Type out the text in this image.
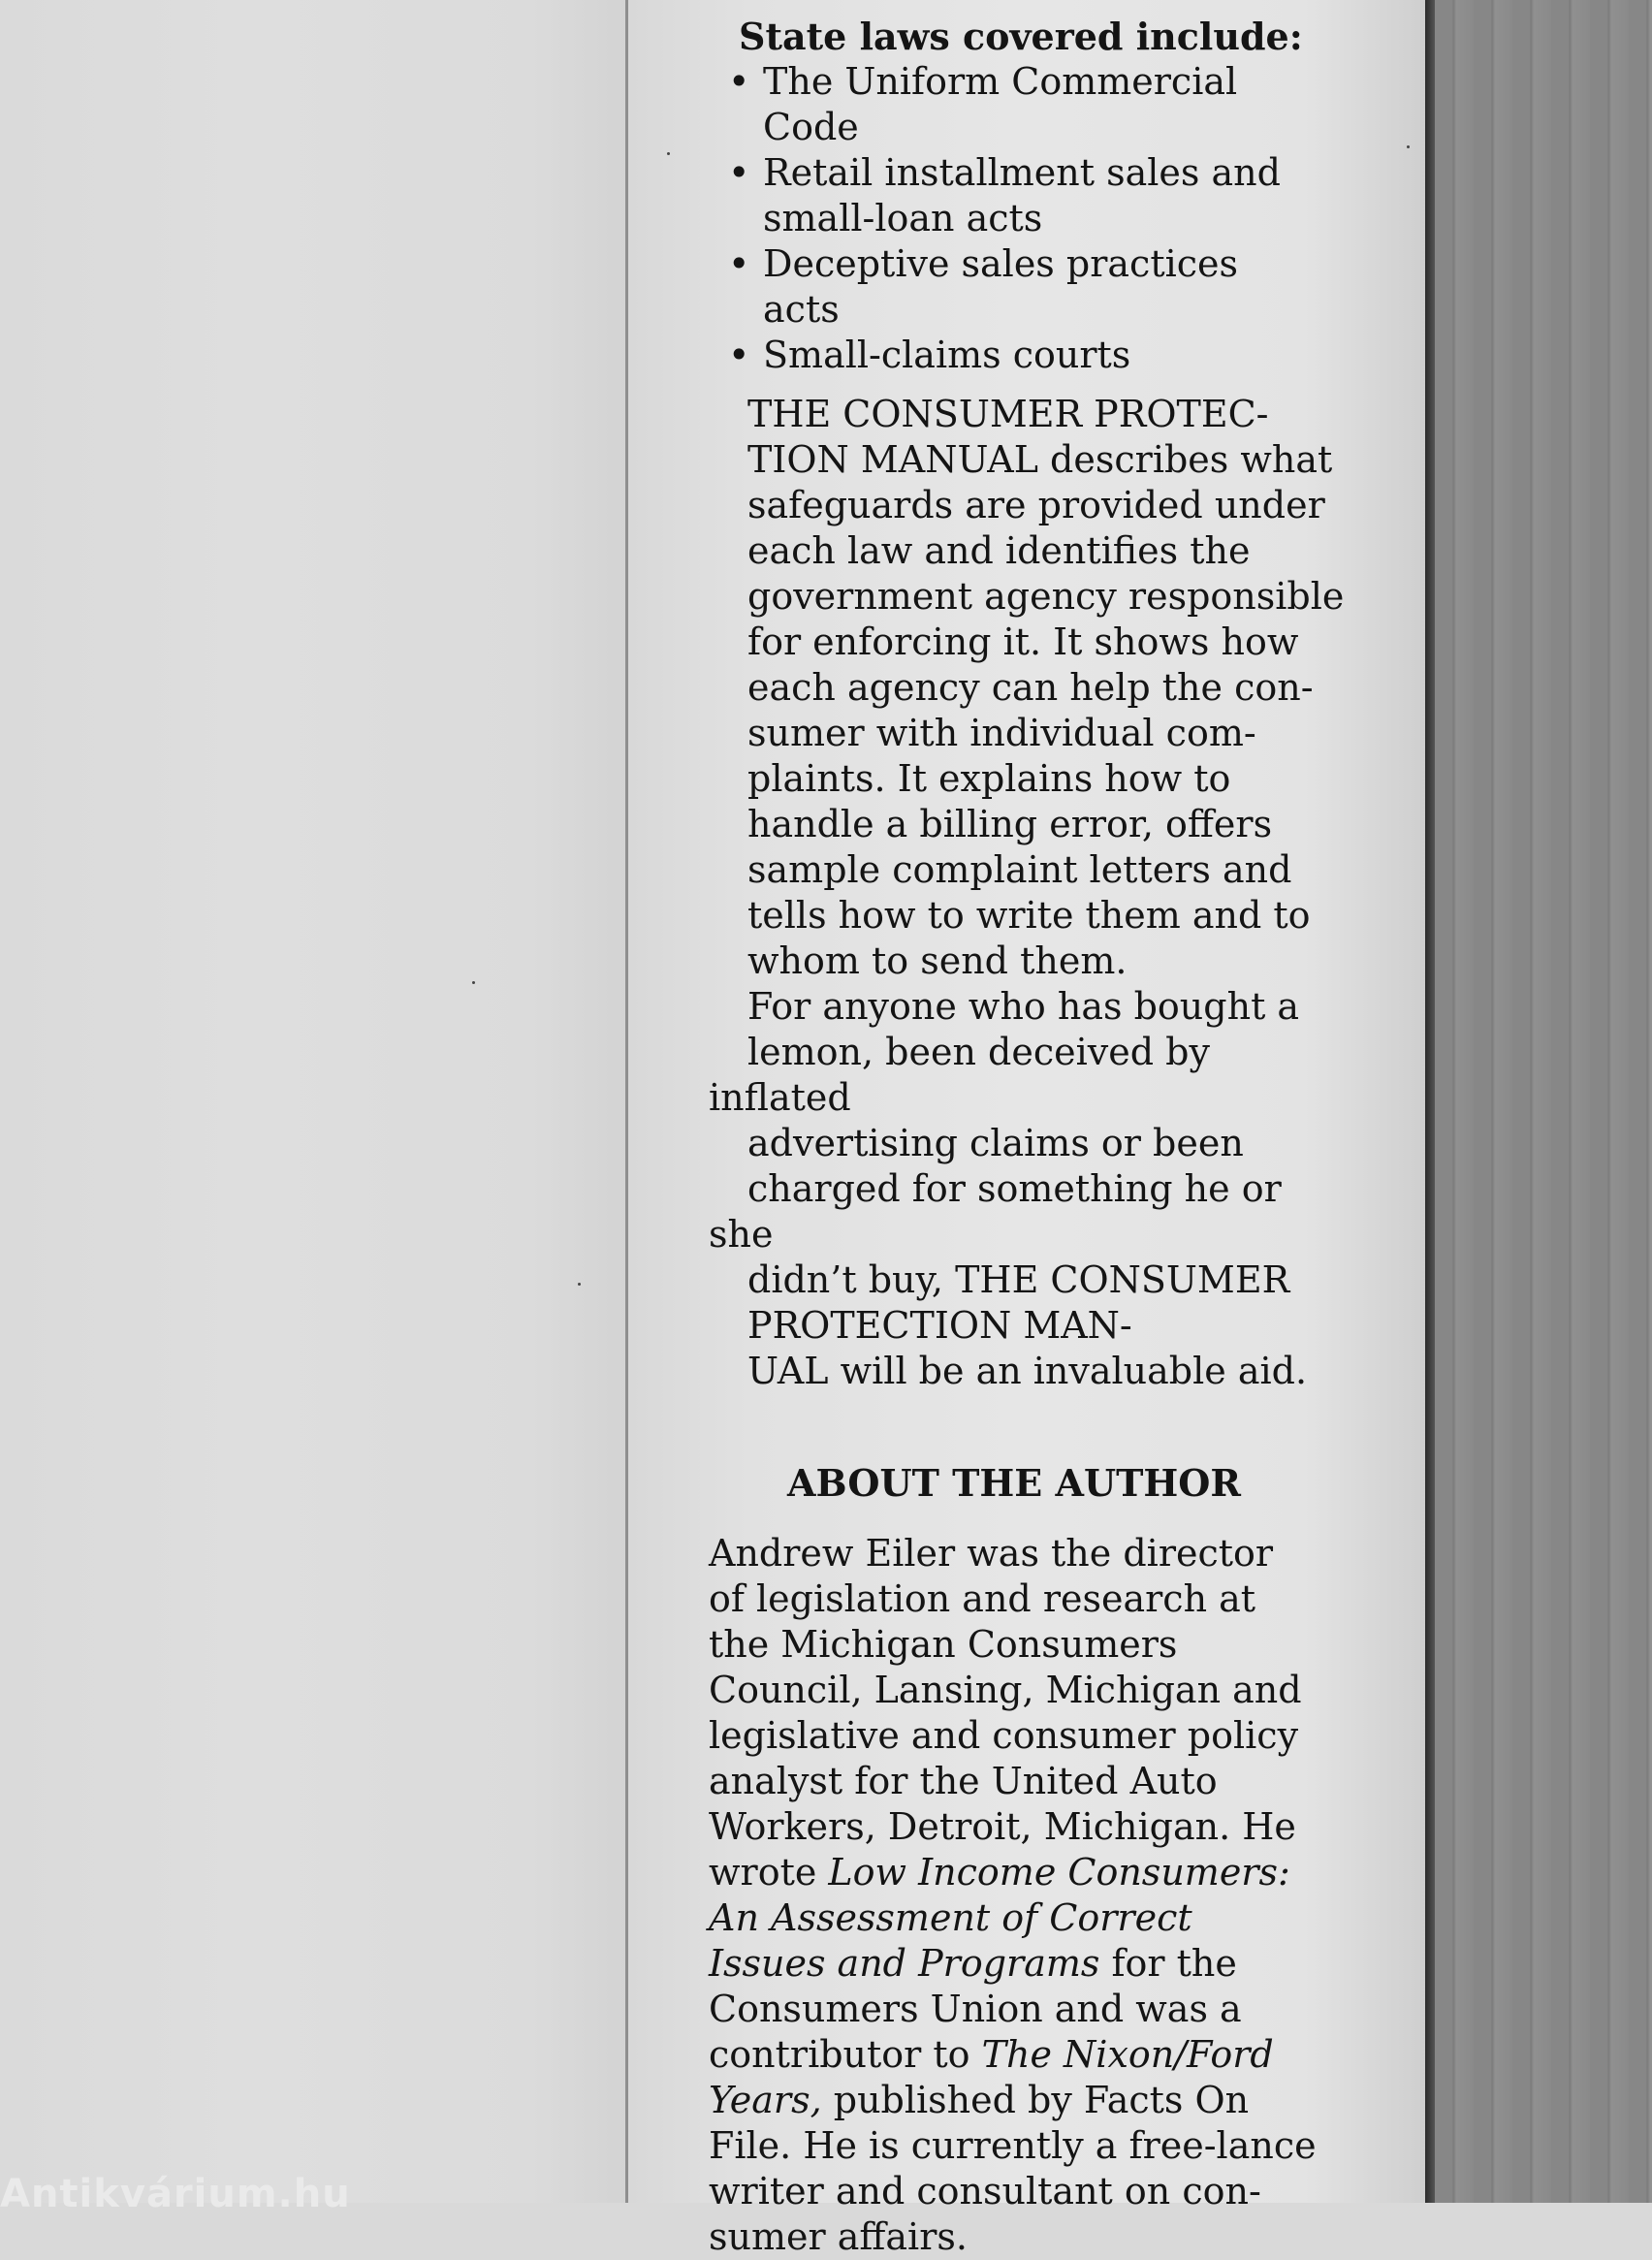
State laws covered include:
• The Uniform Commercial
Code
• Retail installment sales and
small-loan acts
• Deceptive sales practices
acts
• Small-claims courts
THE CONSUMER PROTEC-
TION MANUAL describes what
safeguards are provided under
each law and identifies the
government agency responsible
for enforcing it. It shows how
each agency can help the con-
sumer with individual com-
plaints. It explains how to
handle a billing error, offers
sample complaint letters and
tells how to write them and to
whom to send them.
For anyone who has bought a
lemon, been deceived by inflated
advertising claims or been
charged for something he or she
didn’t buy, THE CONSUMER
PROTECTION MAN-
UAL will be an invaluable aid.
ABOUT THE AUTHOR
Andrew Eiler was the director
of legislation and research at
the Michigan Consumers
Council, Lansing, Michigan and
legislative and consumer policy
analyst for the United Auto
Workers, Detroit, Michigan. He
wrote Low Income Consumers:
An Assessment of Correct
Issues and Programs for the
Consumers Union and was a
contributor to The Nixon/Ford
Years, published by Facts On
File. He is currently a free-lance
writer and consultant on con-
sumer affairs.
Antikvárium.hu
